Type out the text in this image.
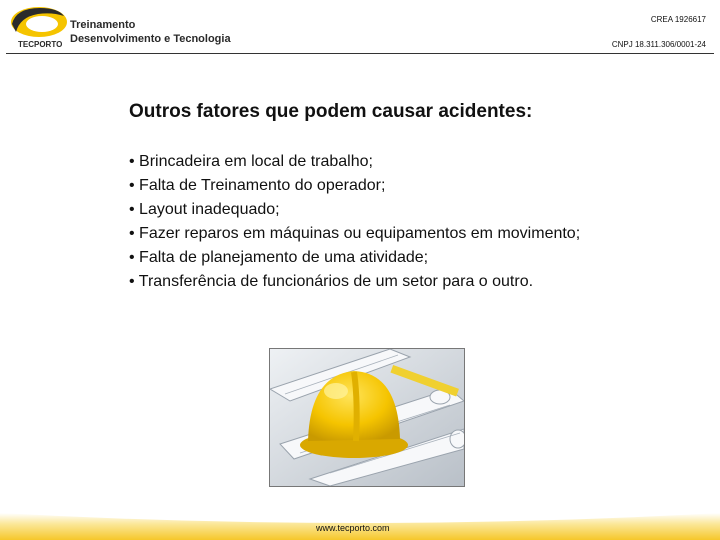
TECPORTO
Treinamento
Desenvolvimento e Tecnologia
CREA 1926617
CNPJ 18.311.306/0001-24
Outros fatores que podem causar acidentes:
• Brincadeira em local de trabalho;
• Falta de Treinamento do operador;
• Layout inadequado;
• Fazer reparos em máquinas ou equipamentos em movimento;
• Falta de planejamento de uma atividade;
• Transferência de funcionários de um setor para o outro.
www.tecporto.com
